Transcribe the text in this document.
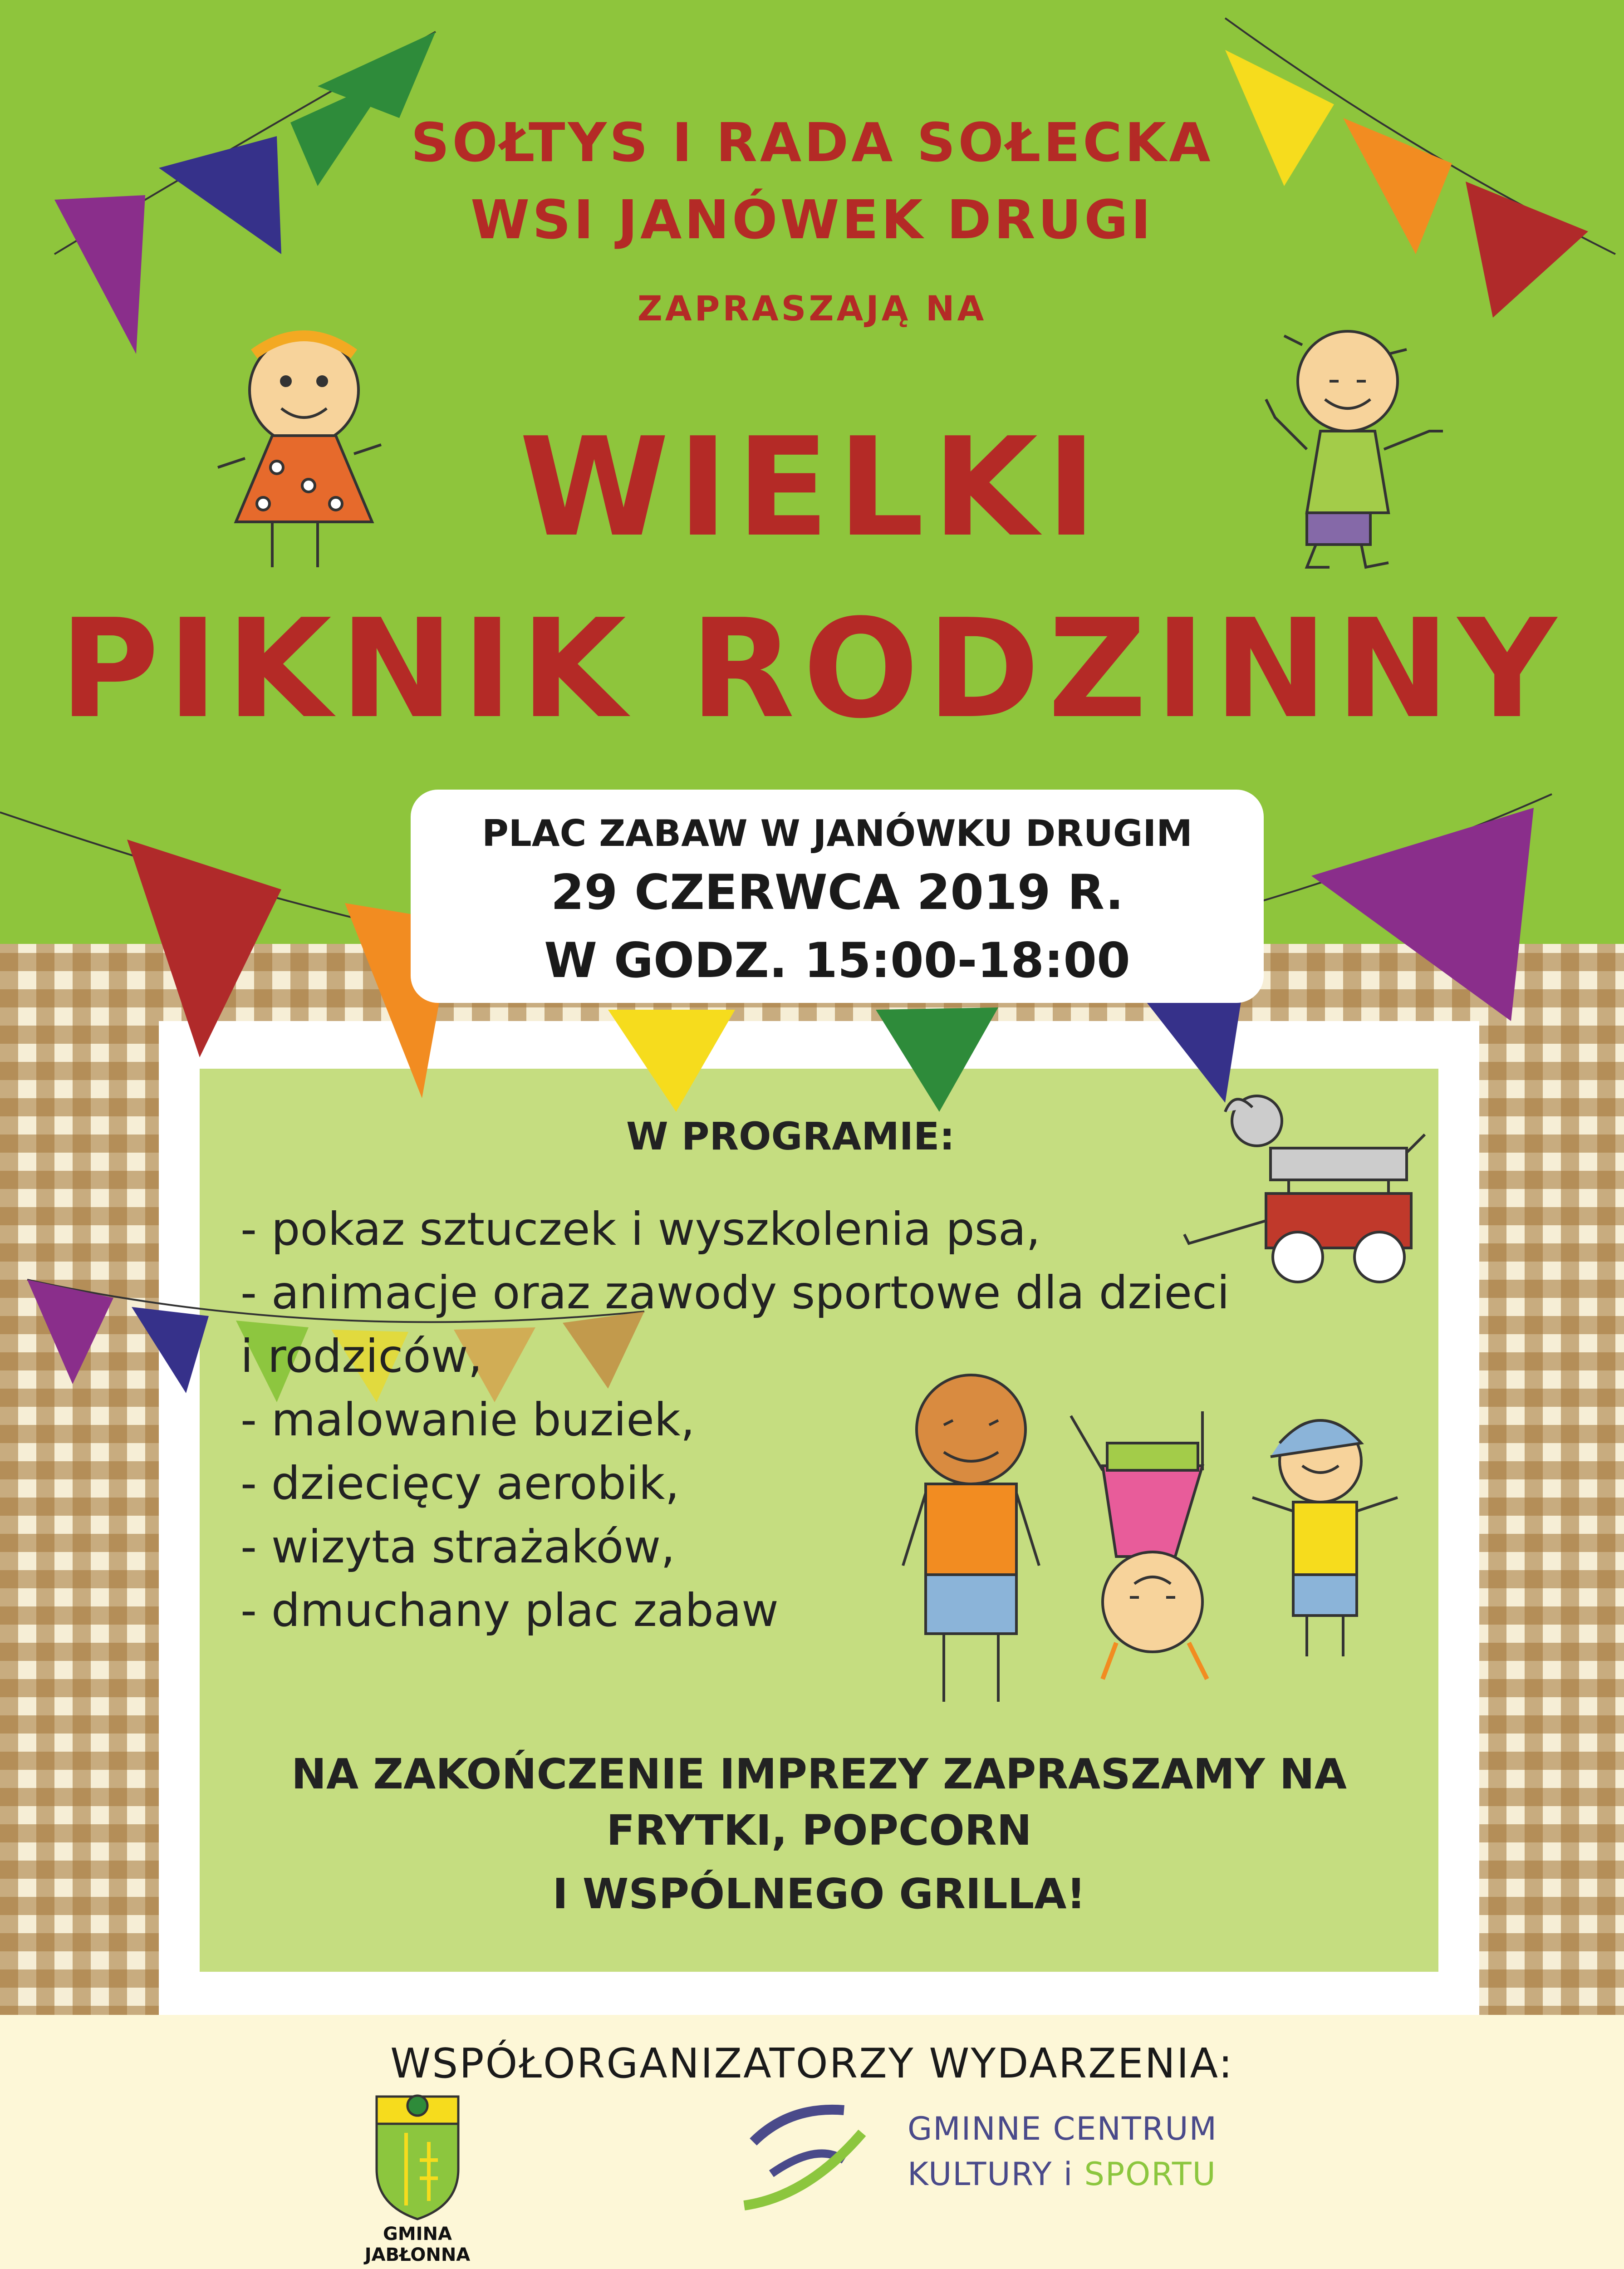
SOŁTYS I RADA SOŁECKA
WSI JANÓWEK DRUGI
ZAPRASZAJĄ NA
WIELKI
PIKNIK RODZINNY
PLAC ZABAW W JANÓWKU DRUGIM
29 CZERWCA 2019 R.
W GODZ. 15:00-18:00
W PROGRAMIE:
- pokaz sztuczek i wyszkolenia psa,
- animacje oraz zawody sportowe dla dzieci
i rodziców,
- malowanie buziek,
- dziecięcy aerobik,
- wizyta strażaków,
- dmuchany plac zabaw
NA ZAKOŃCZENIE IMPREZY ZAPRASZAMY NA
FRYTKI, POPCORN
I WSPÓLNEGO GRILLA!
WSPÓŁORGANIZATORZY WYDARZENIA:
GMINA JABŁONNA
GMINNE CENTRUM
KULTURY i SPORTU
